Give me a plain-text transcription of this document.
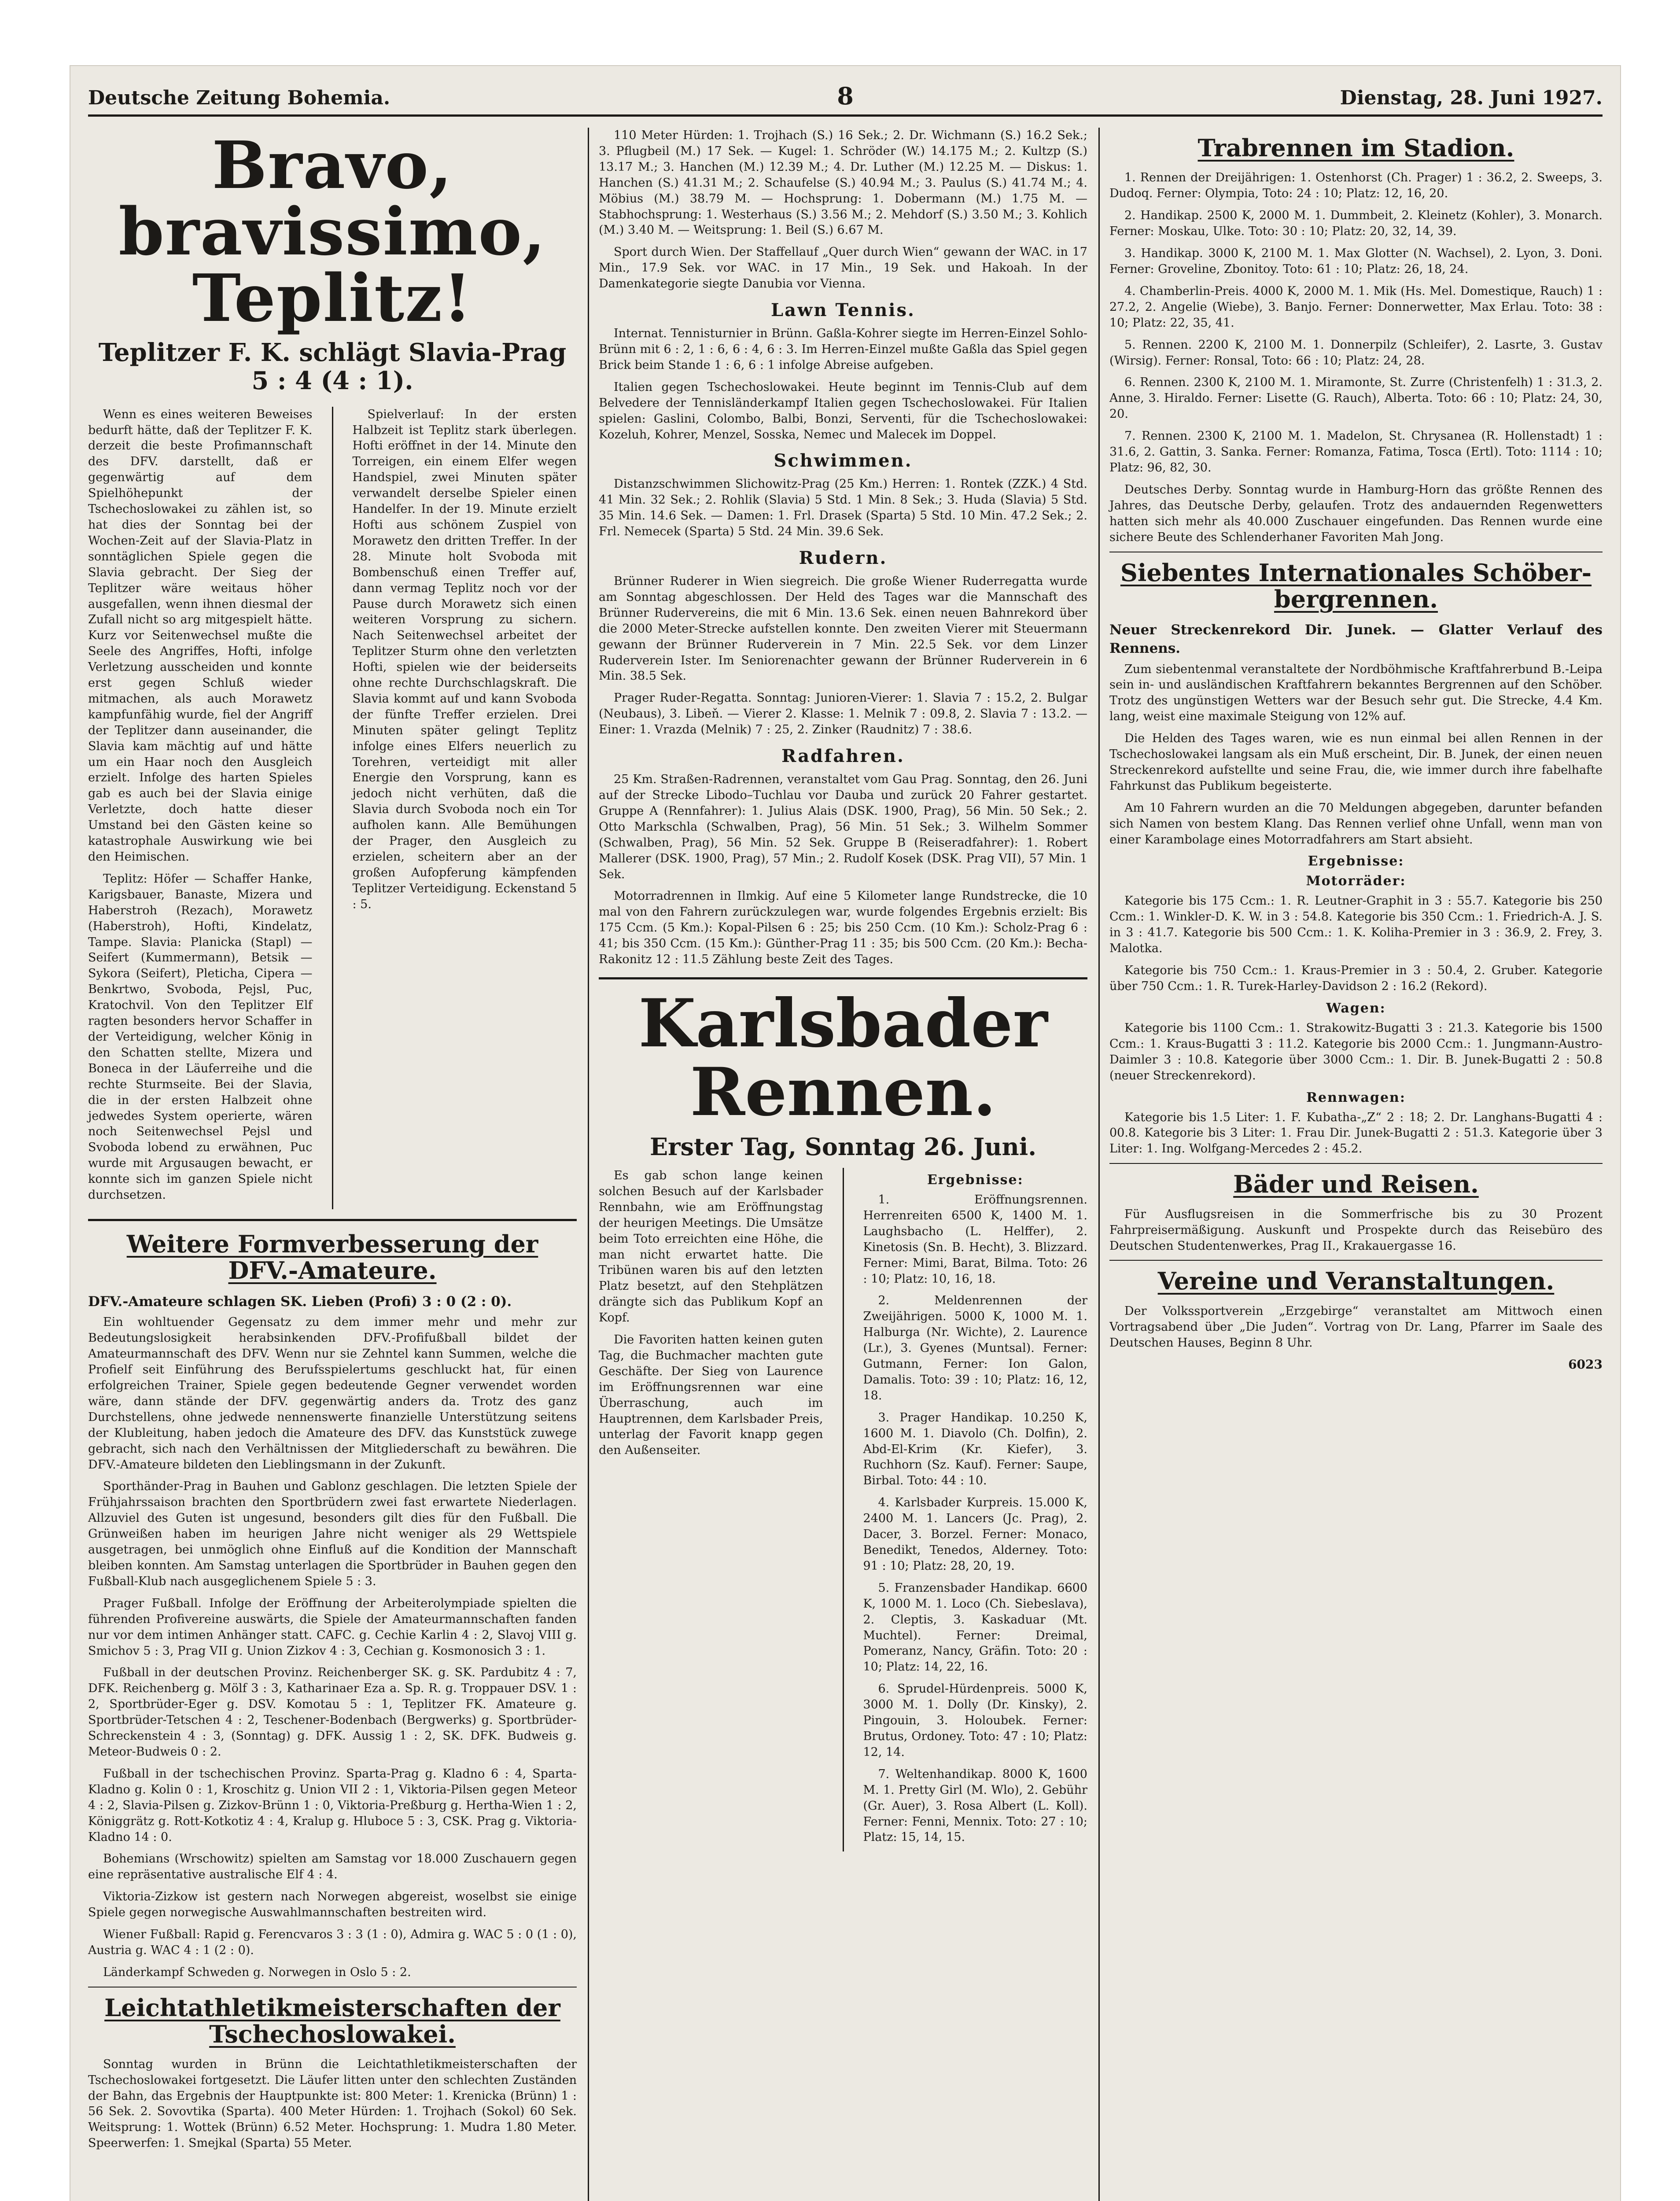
Deutsche Zeitung Bohemia.	8	Dienstag, 28. Juni 1927.
Bravo, bravissimo, Teplitz!
Teplitzer F. K. schlägt Slavia-Prag 5 : 4 (4 : 1).

Wenn es eines weiteren Beweises bedurft hätte, daß der Teplitzer F. K. derzeit die beste Profimannschaft des DFV. darstellt, daß er gegenwärtig auf dem Spielhöhepunkt der Tschechoslowakei zu zählen ist, so hat dies der Sonntag bei der Wochen-Zeit auf der Slavia-Platz in sonntäglichen Spiele gegen die Slavia gebracht. Der Sieg der Teplitzer wäre weitaus höher ausgefallen, wenn ihnen diesmal der Zufall nicht so arg mitgespielt hätte. Kurz vor Seitenwechsel mußte die Seele des Angriffes, Hofti, infolge Verletzung ausscheiden und konnte erst gegen Schluß wieder mitmachen, als auch Morawetz kampfunfähig wurde, fiel der Angriff der Teplitzer dann auseinander, die Slavia kam mächtig auf und hätte um ein Haar noch den Ausgleich erzielt. Infolge des harten Spieles gab es auch bei der Slavia einige Verletzte, doch hatte dieser Umstand bei den Gästen keine so katastrophale Auswirkung wie bei den Heimischen.

Teplitz: Höfer — Schaffer Hanke, Karigsbauer, Banaste, Mizera und Haberstroh (Rezach), Morawetz (Haberstroh), Hofti, Kindelatz, Tampe. Slavia: Planicka (Stapl) — Seifert (Kummermann), Betsik — Sykora (Seifert), Pleticha, Cipera — Benkrtwo, Svoboda, Pejsl, Puc, Kratochvil. Von den Teplitzer Elf ragten besonders hervor Schaffer in der Verteidigung, welcher König in den Schatten stellte, Mizera und Boneca in der Läuferreihe und die rechte Sturmseite. Bei der Slavia, die in der ersten Halbzeit ohne jedwedes System operierte, wären noch Seitenwechsel Pejsl und Svoboda lobend zu erwähnen, Puc wurde mit Argusaugen bewacht, er konnte sich im ganzen Spiele nicht durchsetzen.

Spielverlauf: In der ersten Halbzeit ist Teplitz stark überlegen. Hofti eröffnet in der 14. Minute den Torreigen, ein einem Elfer wegen Handspiel, zwei Minuten später verwandelt derselbe Spieler einen Handelfer. In der 19. Minute erzielt Hofti aus schönem Zuspiel von Morawetz den dritten Treffer. In der 28. Minute holt Svoboda mit Bombenschuß einen Treffer auf, dann vermag Teplitz noch vor der Pause durch Morawetz sich einen weiteren Vorsprung zu sichern. Nach Seitenwechsel arbeitet der Teplitzer Sturm ohne den verletzten Hofti, spielen wie der beiderseits ohne rechte Durchschlagskraft. Die Slavia kommt auf und kann Svoboda der fünfte Treffer erzielen. Drei Minuten später gelingt Teplitz infolge eines Elfers neuerlich zu Torehren, verteidigt mit aller Energie den Vorsprung, kann es jedoch nicht verhüten, daß die Slavia durch Svoboda noch ein Tor aufholen kann. Alle Bemühungen der Prager, den Ausgleich zu erzielen, scheitern aber an der großen Aufopferung kämpfenden Teplitzer Verteidigung. Eckenstand 5 : 5.

Weitere Formverbesserung der DFV.-Amateure.
DFV.-Amateure schlagen SK. Lieben (Profi) 3 : 0 (2 : 0).

Ein wohltuender Gegensatz zu dem immer mehr und mehr zur Bedeutungslosigkeit herabsinkenden DFV.-Profifußball bildet der Amateurmannschaft des DFV. Wenn nur sie Zehntel kann Summen, welche die Profielf seit Einführung des Berufsspielertums geschluckt hat, für einen erfolgreichen Trainer, Spiele gegen bedeutende Gegner verwendet worden wäre, dann stände der DFV. gegenwärtig anders da. Trotz des ganz Durchstellens, ohne jedwede nennenswerte finanzielle Unterstützung seitens der Klubleitung, haben jedoch die Amateure des DFV. das Kunststück zuwege gebracht, sich nach den Verhältnissen der Mitgliederschaft zu bewähren. Die DFV.-Amateure bildeten den Lieblingsmann in der Zukunft.

Sporthänder-Prag in Bauhen und Gablonz geschlagen. Die letzten Spiele der Frühjahrssaison brachten den Sportbrüdern zwei fast erwartete Niederlagen. Allzuviel des Guten ist ungesund, besonders gilt dies für den Fußball. Die Grünweißen haben im heurigen Jahre nicht weniger als 29 Wettspiele ausgetragen, bei unmöglich ohne Einfluß auf die Kondition der Mannschaft bleiben konnten. Am Samstag unterlagen die Sportbrüder in Bauhen gegen den Fußball-Klub nach ausgeglichenem Spiele 5 : 3.

Prager Fußball. Infolge der Eröffnung der Arbeiterolympiade spielten die führenden Profivereine auswärts, die Spiele der Amateurmannschaften fanden nur vor dem intimen Anhänger statt. CAFC. g. Cechie Karlin 4 : 2, Slavoj VIII g. Smichov 5 : 3, Prag VII g. Union Zizkov 4 : 3, Cechian g. Kosmonosich 3 : 1.

Fußball in der deutschen Provinz. Reichenberger SK. g. SK. Pardubitz 4 : 7, DFK. Reichenberg g. Mölf 3 : 3, Katharinaer Eza a. Sp. R. g. Troppauer DSV. 1 : 2, Sportbrüder-Eger g. DSV. Komotau 5 : 1, Teplitzer FK. Amateure g. Sportbrüder-Tetschen 4 : 2, Teschener-Bodenbach (Bergwerks) g. Sportbrüder-Schreckenstein 4 : 3, (Sonntag) g. DFK. Aussig 1 : 2, SK. DFK. Budweis g. Meteor-Budweis 0 : 2.

Fußball in der tschechischen Provinz. Sparta-Prag g. Kladno 6 : 4, Sparta-Kladno g. Kolin 0 : 1, Kroschitz g. Union VII 2 : 1, Viktoria-Pilsen gegen Meteor 4 : 2, Slavia-Pilsen g. Zizkov-Brünn 1 : 0, Viktoria-Preßburg g. Hertha-Wien 1 : 2, Königgrätz g. Rott-Kotkotiz 4 : 4, Kralup g. Hluboce 5 : 3, CSK. Prag g. Viktoria-Kladno 14 : 0.

Bohemians (Wrschowitz) spielten am Samstag vor 18.000 Zuschauern gegen eine repräsentative australische Elf 4 : 4.

Viktoria-Zizkow ist gestern nach Norwegen abgereist, woselbst sie einige Spiele gegen norwegische Auswahlmannschaften bestreiten wird.

Wiener Fußball: Rapid g. Ferencvaros 3 : 3 (1 : 0), Admira g. WAC 5 : 0 (1 : 0), Austria g. WAC 4 : 1 (2 : 0).

Länderkampf Schweden g. Norwegen in Oslo 5 : 2.

Leichtathletikmeisterschaften der Tschechoslowakei.

Sonntag wurden in Brünn die Leichtathletikmeisterschaften der Tschechoslowakei fortgesetzt. Die Läufer litten unter den schlechten Zuständen der Bahn, das Ergebnis der Hauptpunkte ist: 800 Meter: 1. Krenicka (Brünn) 1 : 56 Sek. 2. Sovovtika (Sparta). 400 Meter Hürden: 1. Trojhach (Sokol) 60 Sek. Weitsprung: 1. Wottek (Brünn) 6.52 Meter. Hochsprung: 1. Mudra 1.80 Meter. Speerwerfen: 1. Smejkal (Sparta) 55 Meter.

110 Meter Hürden: 1. Trojhach (S.) 16 Sek.; 2. Dr. Wichmann (S.) 16.2 Sek.; 3. Pflugbeil (M.) 17 Sek. — Kugel: 1. Schröder (W.) 14.175 M.; 2. Kultzp (S.) 13.17 M.; 3. Hanchen (M.) 12.39 M.; 4. Dr. Luther (M.) 12.25 M. — Diskus: 1. Hanchen (S.) 41.31 M.; 2. Schaufelse (S.) 40.94 M.; 3. Paulus (S.) 41.74 M.; 4. Möbius (M.) 38.79 M. — Hochsprung: 1. Dobermann (M.) 1.75 M. — Stabhochsprung: 1. Westerhaus (S.) 3.56 M.; 2. Mehdorf (S.) 3.50 M.; 3. Kohlich (M.) 3.40 M. — Weitsprung: 1. Beil (S.) 6.67 M.

Sport durch Wien. Der Staffellauf „Quer durch Wien“ gewann der WAC. in 17 Min., 17.9 Sek. vor WAC. in 17 Min., 19 Sek. und Hakoah. In der Damenkategorie siegte Danubia vor Vienna.

Lawn Tennis.

Internat. Tennisturnier in Brünn. Gaßla-Kohrer siegte im Herren-Einzel Sohlo-Brünn mit 6 : 2, 1 : 6, 6 : 4, 6 : 3. Im Herren-Einzel mußte Gaßla das Spiel gegen Brick beim Stande 1 : 6, 6 : 1 infolge Abreise aufgeben.

Italien gegen Tschechoslowakei. Heute beginnt im Tennis-Club auf dem Belvedere der Tennisländerkampf Italien gegen Tschechoslowakei. Für Italien spielen: Gaslini, Colombo, Balbi, Bonzi, Serventi, für die Tschechoslowakei: Kozeluh, Kohrer, Menzel, Sosska, Nemec und Malecek im Doppel.

Schwimmen.

Distanzschwimmen Slichowitz-Prag (25 Km.) Herren: 1. Rontek (ZZK.) 4 Std. 41 Min. 32 Sek.; 2. Rohlik (Slavia) 5 Std. 1 Min. 8 Sek.; 3. Huda (Slavia) 5 Std. 35 Min. 14.6 Sek. — Damen: 1. Frl. Drasek (Sparta) 5 Std. 10 Min. 47.2 Sek.; 2. Frl. Nemecek (Sparta) 5 Std. 24 Min. 39.6 Sek.

Rudern.

Brünner Ruderer in Wien siegreich. Die große Wiener Ruderregatta wurde am Sonntag abgeschlossen. Der Held des Tages war die Mannschaft des Brünner Rudervereins, die mit 6 Min. 13.6 Sek. einen neuen Bahnrekord über die 2000 Meter-Strecke aufstellen konnte. Den zweiten Vierer mit Steuermann gewann der Brünner Ruderverein in 7 Min. 22.5 Sek. vor dem Linzer Ruderverein Ister. Im Seniorenachter gewann der Brünner Ruderverein in 6 Min. 38.5 Sek.

Prager Ruder-Regatta. Sonntag: Junioren-Vierer: 1. Slavia 7 : 15.2, 2. Bulgar (Neubaus), 3. Libeň. — Vierer 2. Klasse: 1. Melnik 7 : 09.8, 2. Slavia 7 : 13.2. — Einer: 1. Vrazda (Melnik) 7 : 25, 2. Zinker (Raudnitz) 7 : 38.6.

Radfahren.

25 Km. Straßen-Radrennen, veranstaltet vom Gau Prag. Sonntag, den 26. Juni auf der Strecke Libodo–Tuchlau vor Dauba und zurück 20 Fahrer gestartet. Gruppe A (Rennfahrer): 1. Julius Alais (DSK. 1900, Prag), 56 Min. 50 Sek.; 2. Otto Markschla (Schwalben, Prag), 56 Min. 51 Sek.; 3. Wilhelm Sommer (Schwalben, Prag), 56 Min. 52 Sek. Gruppe B (Reiseradfahrer): 1. Robert Mallerer (DSK. 1900, Prag), 57 Min.; 2. Rudolf Kosek (DSK. Prag VII), 57 Min. 1 Sek.

Motorradrennen in Ilmkig. Auf eine 5 Kilometer lange Rundstrecke, die 10 mal von den Fahrern zurückzulegen war, wurde folgendes Ergebnis erzielt: Bis 175 Ccm. (5 Km.): Kopal-Pilsen 6 : 25; bis 250 Ccm. (10 Km.): Scholz-Prag 6 : 41; bis 350 Ccm. (15 Km.): Günther-Prag 11 : 35; bis 500 Ccm. (20 Km.): Becha-Rakonitz 12 : 11.5 Zählung beste Zeit des Tages.

Karlsbader Rennen.
Erster Tag, Sonntag 26. Juni.

Es gab schon lange keinen solchen Besuch auf der Karlsbader Rennbahn, wie am Eröffnungstag der heurigen Meetings. Die Umsätze beim Toto erreichten eine Höhe, die man nicht erwartet hatte. Die Tribünen waren bis auf den letzten Platz besetzt, auf den Stehplätzen drängte sich das Publikum Kopf an Kopf.

Die Favoriten hatten keinen guten Tag, die Buchmacher machten gute Geschäfte. Der Sieg von Laurence im Eröffnungsrennen war eine Überraschung, auch im Hauptrennen, dem Karlsbader Preis, unterlag der Favorit knapp gegen den Außenseiter.

Ergebnisse:

1. Eröffnungsrennen. Herrenreiten 6500 K, 1400 M. 1. Laughsbacho (L. Helffer), 2. Kinetosis (Sn. B. Hecht), 3. Blizzard. Ferner: Mimi, Barat, Bilma. Toto: 26 : 10; Platz: 10, 16, 18.

2. Meldenrennen der Zweijährigen. 5000 K, 1000 M. 1. Halburga (Nr. Wichte), 2. Laurence (Lr.), 3. Gyenes (Muntsal). Ferner: Gutmann, Ferner: Ion Galon, Damalis. Toto: 39 : 10; Platz: 16, 12, 18.

3. Prager Handikap. 10.250 K, 1600 M. 1. Diavolo (Ch. Dolfin), 2. Abd-El-Krim (Kr. Kiefer), 3. Ruchhorn (Sz. Kauf). Ferner: Saupe, Birbal. Toto: 44 : 10.

4. Karlsbader Kurpreis. 15.000 K, 2400 M. 1. Lancers (Jc. Prag), 2. Dacer, 3. Borzel. Ferner: Monaco, Benedikt, Tenedos, Alderney. Toto: 91 : 10; Platz: 28, 20, 19.

5. Franzensbader Handikap. 6600 K, 1000 M. 1. Loco (Ch. Siebeslava), 2. Cleptis, 3. Kaskaduar (Mt. Muchtel). Ferner: Dreimal, Pomeranz, Nancy, Gräfin. Toto: 20 : 10; Platz: 14, 22, 16.

6. Sprudel-Hürdenpreis. 5000 K, 3000 M. 1. Dolly (Dr. Kinsky), 2. Pingouin, 3. Holoubek. Ferner: Brutus, Ordoney. Toto: 47 : 10; Platz: 12, 14.

7. Weltenhandikap. 8000 K, 1600 M. 1. Pretty Girl (M. Wlo), 2. Gebühr (Gr. Auer), 3. Rosa Albert (L. Koll). Ferner: Fenni, Mennix. Toto: 27 : 10; Platz: 15, 14, 15.

Trabrennen im Stadion.

1. Rennen der Dreijährigen: 1. Ostenhorst (Ch. Prager) 1 : 36.2, 2. Sweeps, 3. Dudoq. Ferner: Olympia, Toto: 24 : 10; Platz: 12, 16, 20.

2. Handikap. 2500 K, 2000 M. 1. Dummbeit, 2. Kleinetz (Kohler), 3. Monarch. Ferner: Moskau, Ulke. Toto: 30 : 10; Platz: 20, 32, 14, 39.

3. Handikap. 3000 K, 2100 M. 1. Max Glotter (N. Wachsel), 2. Lyon, 3. Doni. Ferner: Groveline, Zbonitoy. Toto: 61 : 10; Platz: 26, 18, 24.

4. Chamberlin-Preis. 4000 K, 2000 M. 1. Mik (Hs. Mel. Domestique, Rauch) 1 : 27.2, 2. Angelie (Wiebe), 3. Banjo. Ferner: Donnerwetter, Max Erlau. Toto: 38 : 10; Platz: 22, 35, 41.

5. Rennen. 2200 K, 2100 M. 1. Donnerpilz (Schleifer), 2. Lasrte, 3. Gustav (Wirsig). Ferner: Ronsal, Toto: 66 : 10; Platz: 24, 28.

6. Rennen. 2300 K, 2100 M. 1. Miramonte, St. Zurre (Christenfelh) 1 : 31.3, 2. Anne, 3. Hiraldo. Ferner: Lisette (G. Rauch), Alberta. Toto: 66 : 10; Platz: 24, 30, 20.

7. Rennen. 2300 K, 2100 M. 1. Madelon, St. Chrysanea (R. Hollenstadt) 1 : 31.6, 2. Gattin, 3. Sanka. Ferner: Romanza, Fatima, Tosca (Ertl). Toto: 1114 : 10; Platz: 96, 82, 30.

Deutsches Derby. Sonntag wurde in Hamburg-Horn das größte Rennen des Jahres, das Deutsche Derby, gelaufen. Trotz des andauernden Regenwetters hatten sich mehr als 40.000 Zuschauer eingefunden. Das Rennen wurde eine sichere Beute des Schlenderhaner Favoriten Mah Jong.

Siebentes Internationales Schöber-bergrennen.
Neuer Streckenrekord Dir. Junek. — Glatter Verlauf des Rennens.

Zum siebentenmal veranstaltete der Nordböhmische Kraftfahrerbund B.-Leipa sein in- und ausländischen Kraftfahrern bekanntes Bergrennen auf den Schöber. Trotz des ungünstigen Wetters war der Besuch sehr gut. Die Strecke, 4.4 Km. lang, weist eine maximale Steigung von 12% auf.

Die Helden des Tages waren, wie es nun einmal bei allen Rennen in der Tschechoslowakei langsam als ein Muß erscheint, Dir. B. Junek, der einen neuen Streckenrekord aufstellte und seine Frau, die, wie immer durch ihre fabelhafte Fahrkunst das Publikum begeisterte.

Am 10 Fahrern wurden an die 70 Meldungen abgegeben, darunter befanden sich Namen von bestem Klang. Das Rennen verlief ohne Unfall, wenn man von einer Karambolage eines Motorradfahrers am Start absieht.

Ergebnisse:
Motorräder:

Kategorie bis 175 Ccm.: 1. R. Leutner-Graphit in 3 : 55.7. Kategorie bis 250 Ccm.: 1. Winkler-D. K. W. in 3 : 54.8. Kategorie bis 350 Ccm.: 1. Friedrich-A. J. S. in 3 : 41.7. Kategorie bis 500 Ccm.: 1. K. Koliha-Premier in 3 : 36.9, 2. Frey, 3. Malotka.

Kategorie bis 750 Ccm.: 1. Kraus-Premier in 3 : 50.4, 2. Gruber. Kategorie über 750 Ccm.: 1. R. Turek-Harley-Davidson 2 : 16.2 (Rekord).

Wagen:

Kategorie bis 1100 Ccm.: 1. Strakowitz-Bugatti 3 : 21.3. Kategorie bis 1500 Ccm.: 1. Kraus-Bugatti 3 : 11.2. Kategorie bis 2000 Ccm.: 1. Jungmann-Austro-Daimler 3 : 10.8. Kategorie über 3000 Ccm.: 1. Dir. B. Junek-Bugatti 2 : 50.8 (neuer Streckenrekord).

Rennwagen:

Kategorie bis 1.5 Liter: 1. F. Kubatha-„Z“ 2 : 18; 2. Dr. Langhans-Bugatti 4 : 00.8. Kategorie bis 3 Liter: 1. Frau Dir. Junek-Bugatti 2 : 51.3. Kategorie über 3 Liter: 1. Ing. Wolfgang-Mercedes 2 : 45.2.

Bäder und Reisen.

Für Ausflugsreisen in die Sommerfrische bis zu 30 Prozent Fahrpreisermäßigung. Auskunft und Prospekte durch das Reisebüro des Deutschen Studentenwerkes, Prag II., Krakauergasse 16.

Vereine und Veranstaltungen.

Der Volkssportverein „Erzgebirge“ veranstaltet am Mittwoch einen Vortragsabend über „Die Juden“. Vortrag von Dr. Lang, Pfarrer im Saale des Deutschen Hauses, Beginn 8 Uhr.

6023
